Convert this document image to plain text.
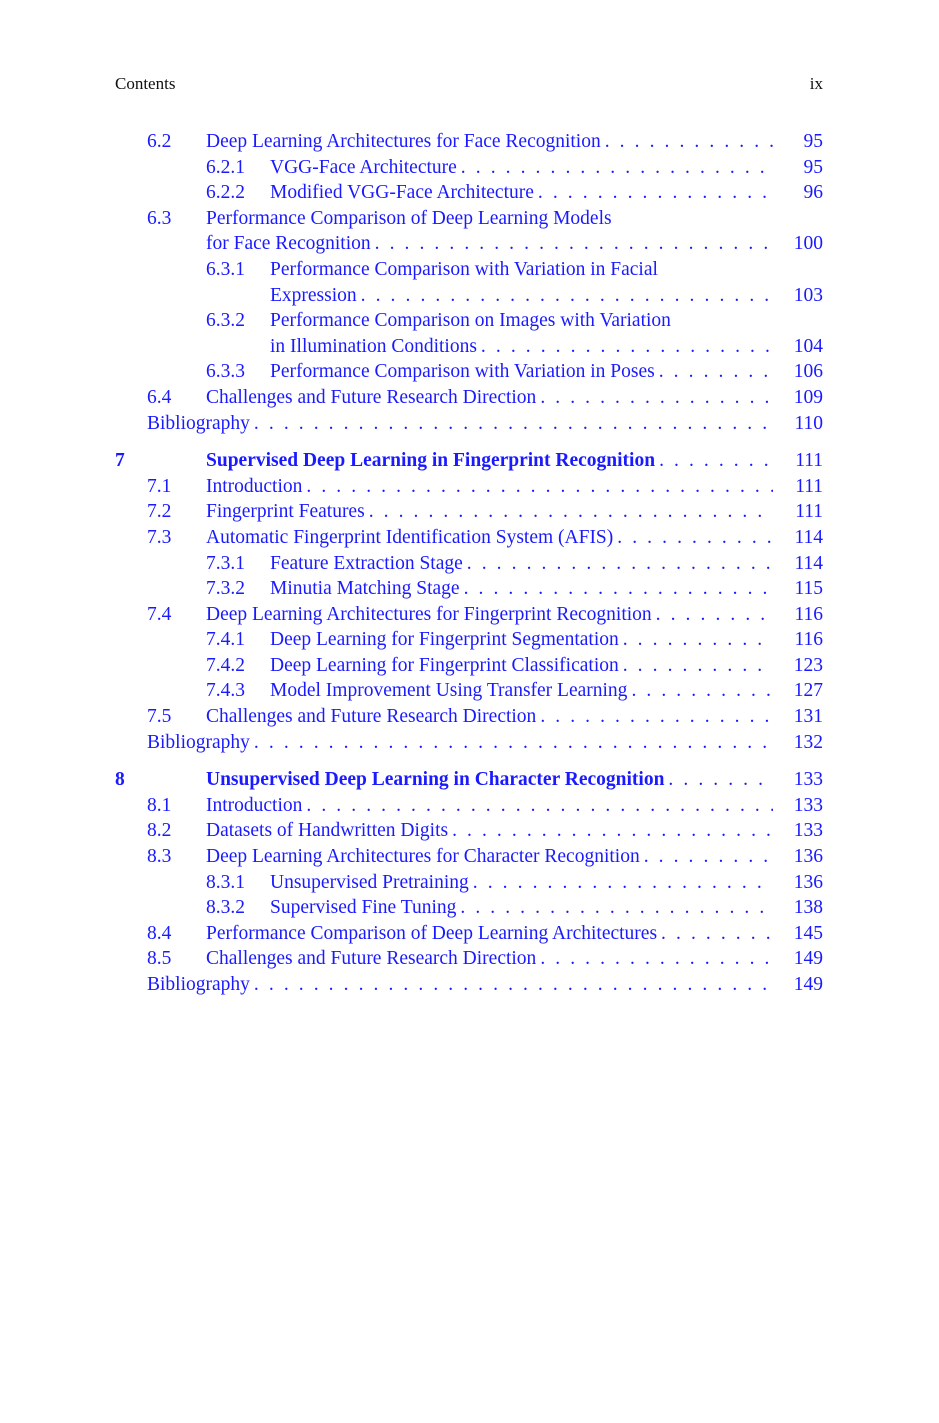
Contents	ix
6.2 Deep Learning Architectures for Face Recognition . . .	95
6.2.1 VGG-Face Architecture . . .	95
6.2.2 Modified VGG-Face Architecture . . .	96
6.3 Performance Comparison of Deep Learning Models
for Face Recognition . . .	100
6.3.1 Performance Comparison with Variation in Facial
Expression . . .	103
6.3.2 Performance Comparison on Images with Variation
in Illumination Conditions . . .	104
6.3.3 Performance Comparison with Variation in Poses . . .	106
6.4 Challenges and Future Research Direction . . .	109
Bibliography . . .	110
7	Supervised Deep Learning in Fingerprint Recognition . . .	111
7.1 Introduction . . .	111
7.2 Fingerprint Features . . .	111
7.3 Automatic Fingerprint Identification System (AFIS) . . .	114
7.3.1 Feature Extraction Stage . . .	114
7.3.2 Minutia Matching Stage . . .	115
7.4 Deep Learning Architectures for Fingerprint Recognition . . .	116
7.4.1 Deep Learning for Fingerprint Segmentation . . .	116
7.4.2 Deep Learning for Fingerprint Classification . . .	123
7.4.3 Model Improvement Using Transfer Learning . . .	127
7.5 Challenges and Future Research Direction . . .	131
Bibliography . . .	132
8	Unsupervised Deep Learning in Character Recognition . . .	133
8.1 Introduction . . .	133
8.2 Datasets of Handwritten Digits . . .	133
8.3 Deep Learning Architectures for Character Recognition . . .	136
8.3.1 Unsupervised Pretraining . . .	136
8.3.2 Supervised Fine Tuning . . .	138
8.4 Performance Comparison of Deep Learning Architectures . . .	145
8.5 Challenges and Future Research Direction . . .	149
Bibliography . . .	149
